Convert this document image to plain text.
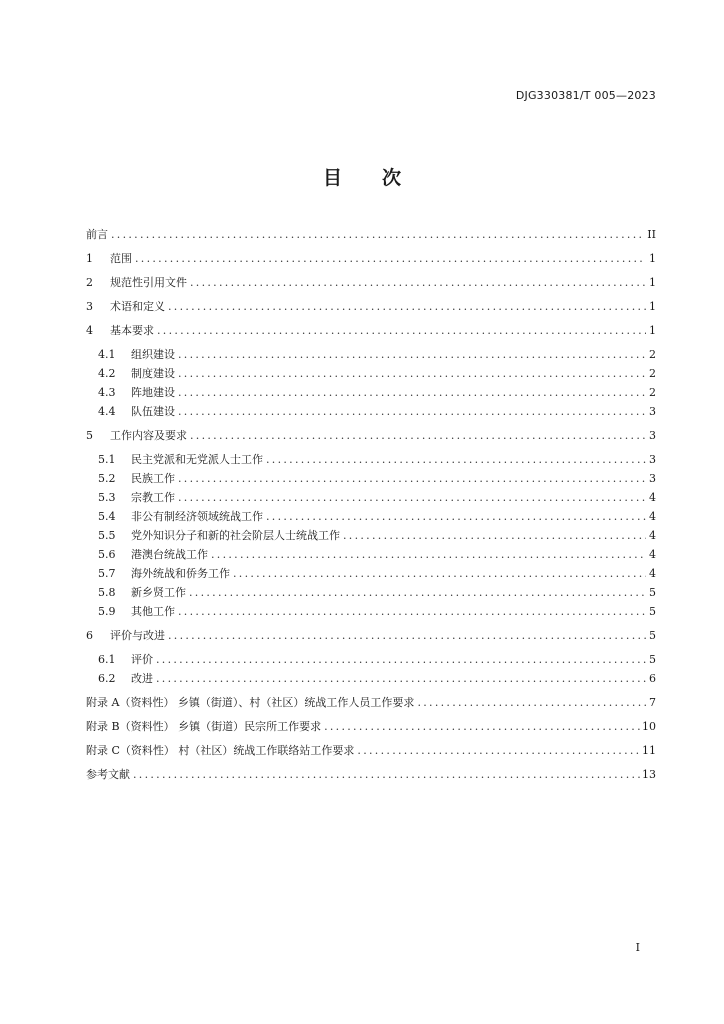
DJG330381/T 005—2023
目 次
前言 .....	II
1	范围 .....	1
2	规范性引用文件 .....	1
3	术语和定义 .....	1
4	基本要求 .....	1
4.1	组织建设 .....	2
4.2	制度建设 .....	2
4.3	阵地建设 .....	2
4.4	队伍建设 .....	3
5	工作内容及要求 .....	3
5.1	民主党派和无党派人士工作 .....	3
5.2	民族工作 .....	3
5.3	宗教工作 .....	4
5.4	非公有制经济领域统战工作 .....	4
5.5	党外知识分子和新的社会阶层人士统战工作 .....	4
5.6	港澳台统战工作 .....	4
5.7	海外统战和侨务工作 .....	4
5.8	新乡贤工作 .....	5
5.9	其他工作 .....	5
6	评价与改进 .....	5
6.1	评价 .....	5
6.2	改进 .....	6
附录 A（资料性） 乡镇（街道）、村（社区）统战工作人员工作要求 .....	7
附录 B（资料性） 乡镇（街道）民宗所工作要求 .....	10
附录 C（资料性） 村（社区）统战工作联络站工作要求 .....	11
参考文献 .....	13
I
